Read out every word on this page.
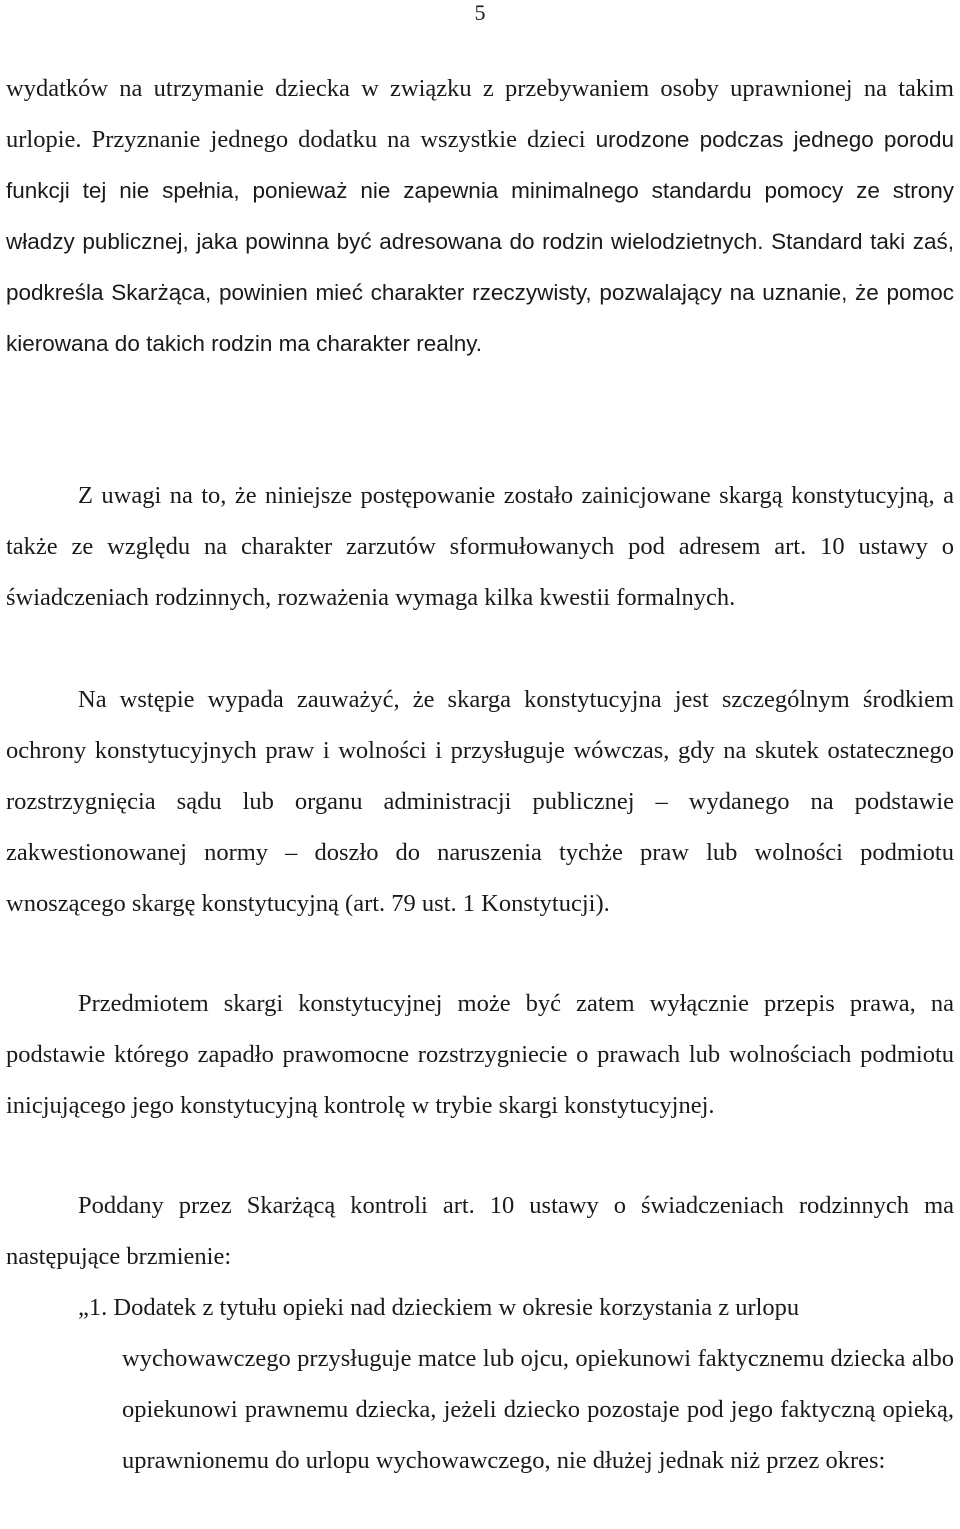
5

wydatków na utrzymanie dziecka w związku z przebywaniem osoby uprawnionej na takim urlopie. Przyznanie jednego dodatku na wszystkie dzieci urodzone podczas jednego porodu funkcji tej nie spełnia, ponieważ nie zapewnia minimalnego standardu pomocy ze strony władzy publicznej, jaka powinna być adresowana do rodzin wielodzietnych. Standard taki zaś, podkreśla Skarżąca, powinien mieć charakter rzeczywisty, pozwalający na uznanie, że pomoc kierowana do takich rodzin ma charakter realny.

Z uwagi na to, że niniejsze postępowanie zostało zainicjowane skargą konstytucyjną, a także ze względu na charakter zarzutów sformułowanych pod adresem art. 10 ustawy o świadczeniach rodzinnych, rozważenia wymaga kilka kwestii formalnych.

Na wstępie wypada zauważyć, że skarga konstytucyjna jest szczególnym środkiem ochrony konstytucyjnych praw i wolności i przysługuje wówczas, gdy na skutek ostatecznego rozstrzygnięcia sądu lub organu administracji publicznej – wydanego na podstawie zakwestionowanej normy – doszło do naruszenia tychże praw lub wolności podmiotu wnoszącego skargę konstytucyjną (art. 79 ust. 1 Konstytucji).

Przedmiotem skargi konstytucyjnej może być zatem wyłącznie przepis prawa, na podstawie którego zapadło prawomocne rozstrzygniecie o prawach lub wolnościach podmiotu inicjującego jego konstytucyjną kontrolę w trybie skargi konstytucyjnej.

Poddany przez Skarżącą kontroli art. 10 ustawy o świadczeniach rodzinnych ma następujące brzmienie:

„1. Dodatek z tytułu opieki nad dzieckiem w okresie korzystania z urlopu
wychowawczego przysługuje matce lub ojcu, opiekunowi faktycznemu dziecka albo opiekunowi prawnemu dziecka, jeżeli dziecko pozostaje pod jego faktyczną opieką, uprawnionemu do urlopu wychowawczego, nie dłużej jednak niż przez okres:
